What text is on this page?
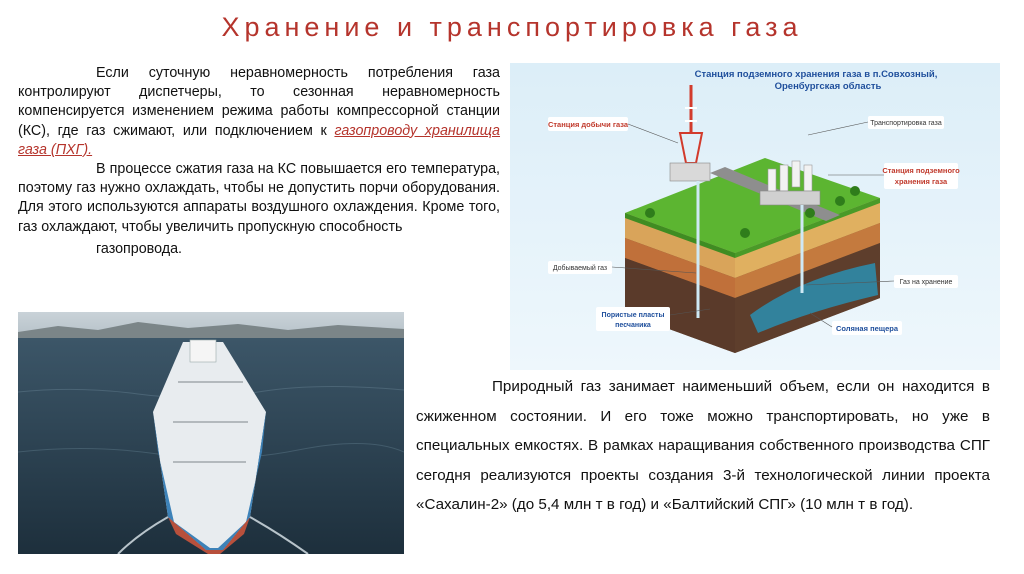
Хранение и транспортировка газа

Если суточную неравномерность потребления газа контролируют диспетчеры, то сезонная неравномерность компенсируется изменением режима работы компрессорной станции (КС), где газ сжимают, или подключением к газопроводу хранилища газа (ПХГ).

В процессе сжатия газа на КС повышается его температура, поэтому газ нужно охлаждать, чтобы не допустить порчи оборудования. Для этого используются аппараты воздушного охлаждения. Кроме того, газ охлаждают, чтобы увеличить пропускную способность
газопровода.

Станция подземного хранения газа в п.Совхозный,
Оренбургская область
Станция добычи газа	Транспортировка газа
Станция подземного
хранения газа
Добываемый газ
Газ на хранение
Пористые пласты
песчаника	Соляная пещера

Природный газ занимает наименьший объем, если он находится в сжиженном состоянии. И его тоже можно транспортировать, но уже в специальных емкостях. В рамках наращивания собственного производства СПГ сегодня реализуются проекты создания 3-й технологической линии проекта «Сахалин-2» (до 5,4 млн т в год) и «Балтийский СПГ» (10 млн т в год).
